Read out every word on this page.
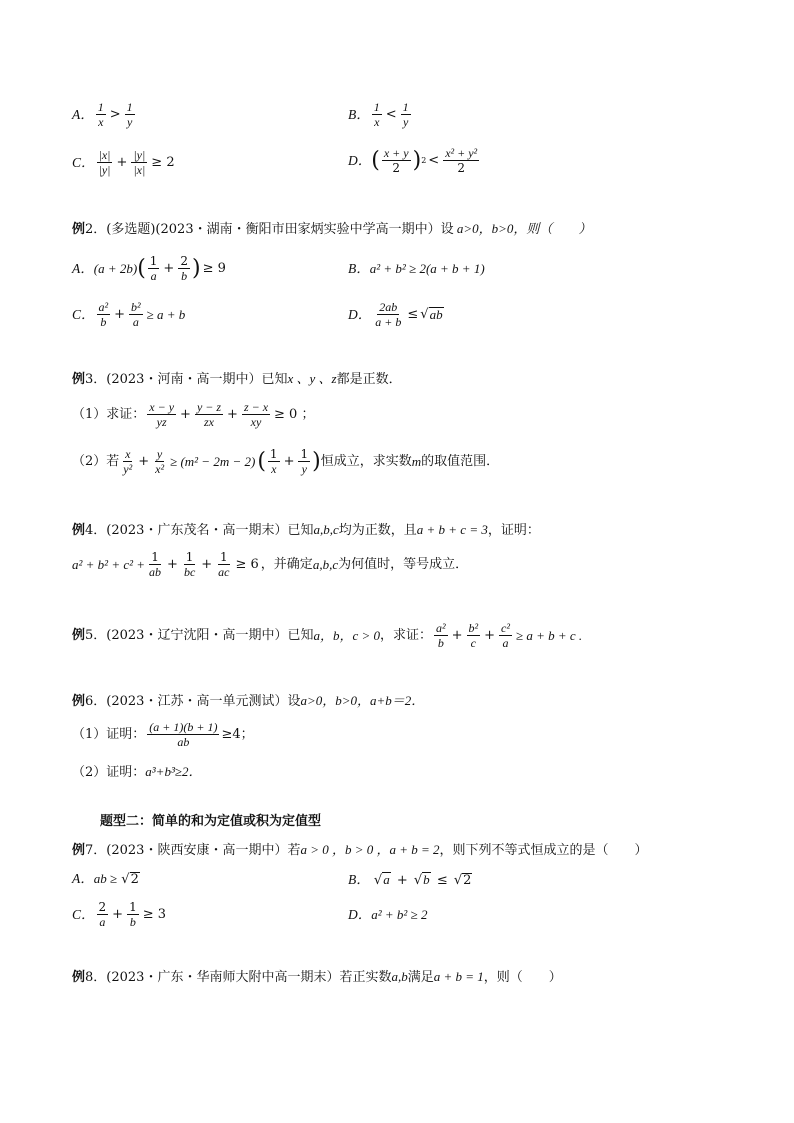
A． $\frac{1}{x} > \frac{1}{y}$	B． $\frac{1}{x} < \frac{1}{y}$
C． $\frac{|x|}{|y|} + \frac{|y|}{|x|} \ge 2$	D． ( $\frac{x + y}{2}$ ) $2 < \frac{\text{x² + y²}}{2}$
例2．(多选题)(2023・湖南・衡阳市田家炳实验中学高一期中）设 a>0，b>0，则（　　）
A． (a + 2b) ( $\frac{1}{a} + \frac{2}{b}$ ) ≥ 9	B．a² + b² ≥ 2(a + b + 1)
C． $\frac{\text{a²}}{b} + \frac{\text{b²}}{a} \ge a + b$	D． $\frac{2ab}{a + b}$ ≤ √ ab
例3．(2023・河南・高一期中）已知x 、y 、z都是正数．
（1）求证： $\frac{x - y}{yz} + \frac{y - z}{zx} + \frac{z - x}{xy} \ge 0$ ；
（2）若 $\frac{x}{\text{y²}} + \frac{y}{\text{x²}} \ge (m^2 - 2m - 2)$ ( $\frac{1}{x} + \frac{1}{y}$ ) 恒成立，求实数 m 的取值范围．
例4．(2023・广东茂名・高一期末）已知a,b,c均为正数，且a + b + c = 3，证明：
$a^2 + b^2 + c^2 + \frac{1}{ab} + \frac{1}{bc} + \frac{1}{ac} \ge 6$ ，并确定 a,b,c 为何值时，等号成立．
例 5．(2023・辽宁沈阳・高一期中）已知 a，b，c > 0 ，求证： $\frac{\text{a²}}{b} + \frac{\text{b²}}{c} + \frac{\text{c²}}{a} \ge a + b + c$ .
例6．(2023・江苏・高一单元测试）设a>0，b>0，a+b＝2．
（1）证明： $\frac{(a + 1)(b + 1)}{ab} \ge 4$；
（2）证明：a³+b³≥2．
题型二：简单的和为定值或积为定值型
例7．(2023・陕西安康・高一期中）若a > 0 ，b > 0 ，a + b = 2，则下列不等式恒成立的是（　　）
A．ab ≥ √2	B． √a + √b ≤ √2
C． $\frac{2}{a} + \frac{1}{b} \ge 3$	D．a² + b² ≥ 2
例8．(2023・广东・华南师大附中高一期末）若正实数a,b满足a + b = 1，则（　　）
